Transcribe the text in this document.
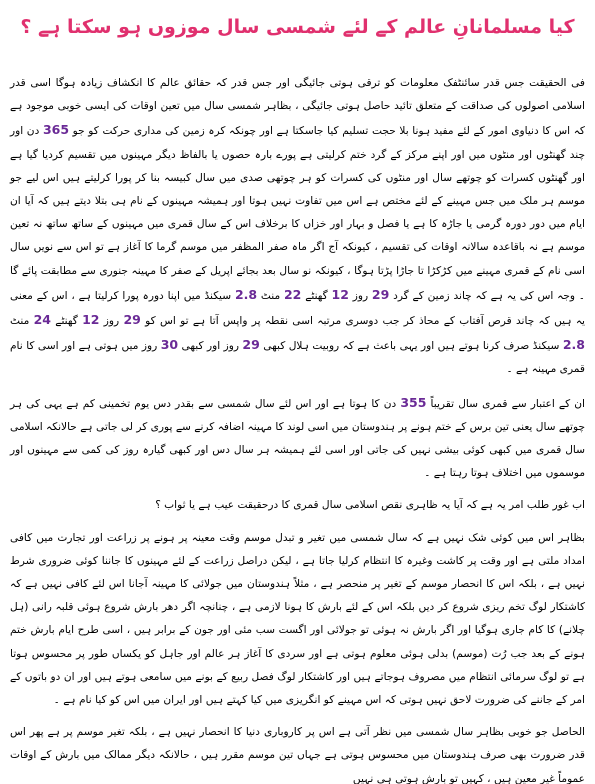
کیا مسلمانانِ عالم کے لئے شمسی سال موزوں ہو سکتا ہے ؟

فی الحقیقت جس قدر سائنٹفک معلومات کو ترقی ہوتی جائیگی اور جس قدر کہ حقائق عالم کا انکشاف زیادہ ہوگا اسی قدر اسلامی اصولوں کی صداقت کے متعلق تائید حاصل ہوتی جائیگی ، بظاہر شمسی سال میں تعین اوقات کی ایسی خوبی موجود ہے کہ اس کا دنیاوی امور کے لئے مفید ہونا بلا حجت تسلیم کیا جاسکتا ہے اور چونکہ کرہ زمین کی مداری حرکت کو جو 365 دن اور چند گھنٹوں اور منٹوں میں اور اپنے مرکز کے گرد ختم کرلیتی ہے پورے بارہ حصوں یا بالفاظ دیگر مہینوں میں تقسیم کردیا گیا ہے اور گھنٹوں کسرات کو چوتھے سال اور منٹوں کی کسرات کو ہر چوتھی صدی میں سال کبیسہ بنا کر پورا کرلیتے ہیں اس لیے جو موسم ہر ملک میں جس مہینے کے لئے مختص ہے اس میں تفاوت نہیں ہوتا اور ہمیشہ مہینوں کے نام ہی بتلا دیتے ہیں کہ آیا ان ایام میں دور دورہ گرمی یا جاڑہ کا ہے یا فصل و بہار اور خزاں کا برخلاف اس کے سال قمری میں مہینوں کے ساتھ ساتھ نہ تعین موسم ہے نہ باقاعدہ سالانہ اوقات کی تقسیم ، کیونکہ آج اگر ماہ صفر المظفر میں موسم گرما کا آغاز ہے تو اس سے نویں سال اسی نام کے قمری مہینے میں کڑکڑا تا جاڑا پڑتا ہوگا ، کیونکہ نو سال بعد بجائے اپریل کے صفر کا مہینہ جنوری سے مطابقت پائے گا ۔ وجہ اس کی یہ ہے کہ چاند زمین کے گرد 29 روز 12 گھنٹے 22 منٹ 2.8 سیکنڈ میں اپنا دورہ پورا کرلیتا ہے ، اس کے معنی یہ ہیں کہ چاند قرص آفتاب کے محاذ کر جب دوسری مرتبہ اسی نقطہ پر واپس آتا ہے تو اس کو 29 روز 12 گھنٹے 24 منٹ 2.8 سیکنڈ صرف کرنا ہوتے ہیں اور یہی باعث ہے کہ روبیت ہلال کبھی 29 روز اور کبھی 30 روز میں ہوتی ہے اور اسی کا نام قمری مہینہ ہے ۔

ان کے اعتبار سے قمری سال تقریباً 355 دن کا ہوتا ہے اور اس لئے سال شمسی سے بقدر دس یوم تخمینی کم ہے یہی کی ہر چوتھے سال یعنی تین برس کے ختم ہونے پر ہندوستان میں اسی لوند کا مہینہ اضافہ کرنے سے پوری کر لی جاتی ہے حالانکہ اسلامی سال قمری میں کبھی کوئی بیشی نہیں کی جاتی اور اسی لئے ہمیشہ ہر سال دس اور کبھی گیارہ روز کی کمی سے مہینوں اور موسموں میں اختلاف ہوتا رہتا ہے ۔

اب غور طلب امر یہ ہے کہ آیا یہ ظاہری نقص اسلامی سال قمری کا درحقیقت عیب ہے یا ثواب ؟

بظاہر اس میں کوئی شک نہیں ہے کہ سال شمسی میں تغیر و تبدل موسم وقت معینہ پر ہونے پر زراعت اور تجارت میں کافی امداد ملتی ہے اور وقت پر کاشت وغیرہ کا انتظام کرلیا جاتا ہے ، لیکن دراصل زراعت کے لئے مہینوں کا جاننا کوئی ضروری شرط نہیں ہے ، بلکہ اس کا انحصار موسم کے تغیر پر منحصر ہے ، مثلاً ہندوستان میں جولائی کا مہینہ آجانا اس لئے کافی نہیں ہے کہ کاشتکار لوگ تخم ریزی شروع کر دیں بلکہ اس کے لئے بارش کا ہونا لازمی ہے ، چنانچہ اگر دھر بارش شروع ہوئی قلبہ رانی (ہل چلانے) کا کام جاری ہوگیا اور اگر بارش نہ ہوئی تو جولائی اور اگست سب مئی اور جون کے برابر ہیں ، اسی طرح ایام بارش ختم ہونے کے بعد جب رُت (موسم) بدلی ہوئی معلوم ہوتی ہے اور سردی کا آغاز ہر عالم اور جاہل کو یکساں طور پر محسوس ہوتا ہے تو لوگ سرمائی انتظام میں مصروف ہوجاتے ہیں اور کاشتکار لوگ فصل ربیع کے بونے میں سامعی ہوتے ہیں اور ان دو باتوں کے امر کے جاننے کی ضرورت لاحق نہیں ہوتی کہ اس مہینے کو انگریزی میں کیا کہتے ہیں اور ایران میں اس کو کیا نام ہے ۔

الحاصل جو خوبی بظاہر سال شمسی میں نظر آتی ہے اس پر کاروباری دنیا کا انحصار نہیں ہے ، بلکہ تغیر موسم پر ہے پھر اس قدر ضرورت بھی صرف ہندوستان میں محسوس ہوتی ہے جہاں تین موسم مقرر ہیں ، حالانکہ دیگر ممالک میں بارش کے اوقات عموماً غیر معین ہیں ، کہیں تو بارش ہوتی ہی نہیں
